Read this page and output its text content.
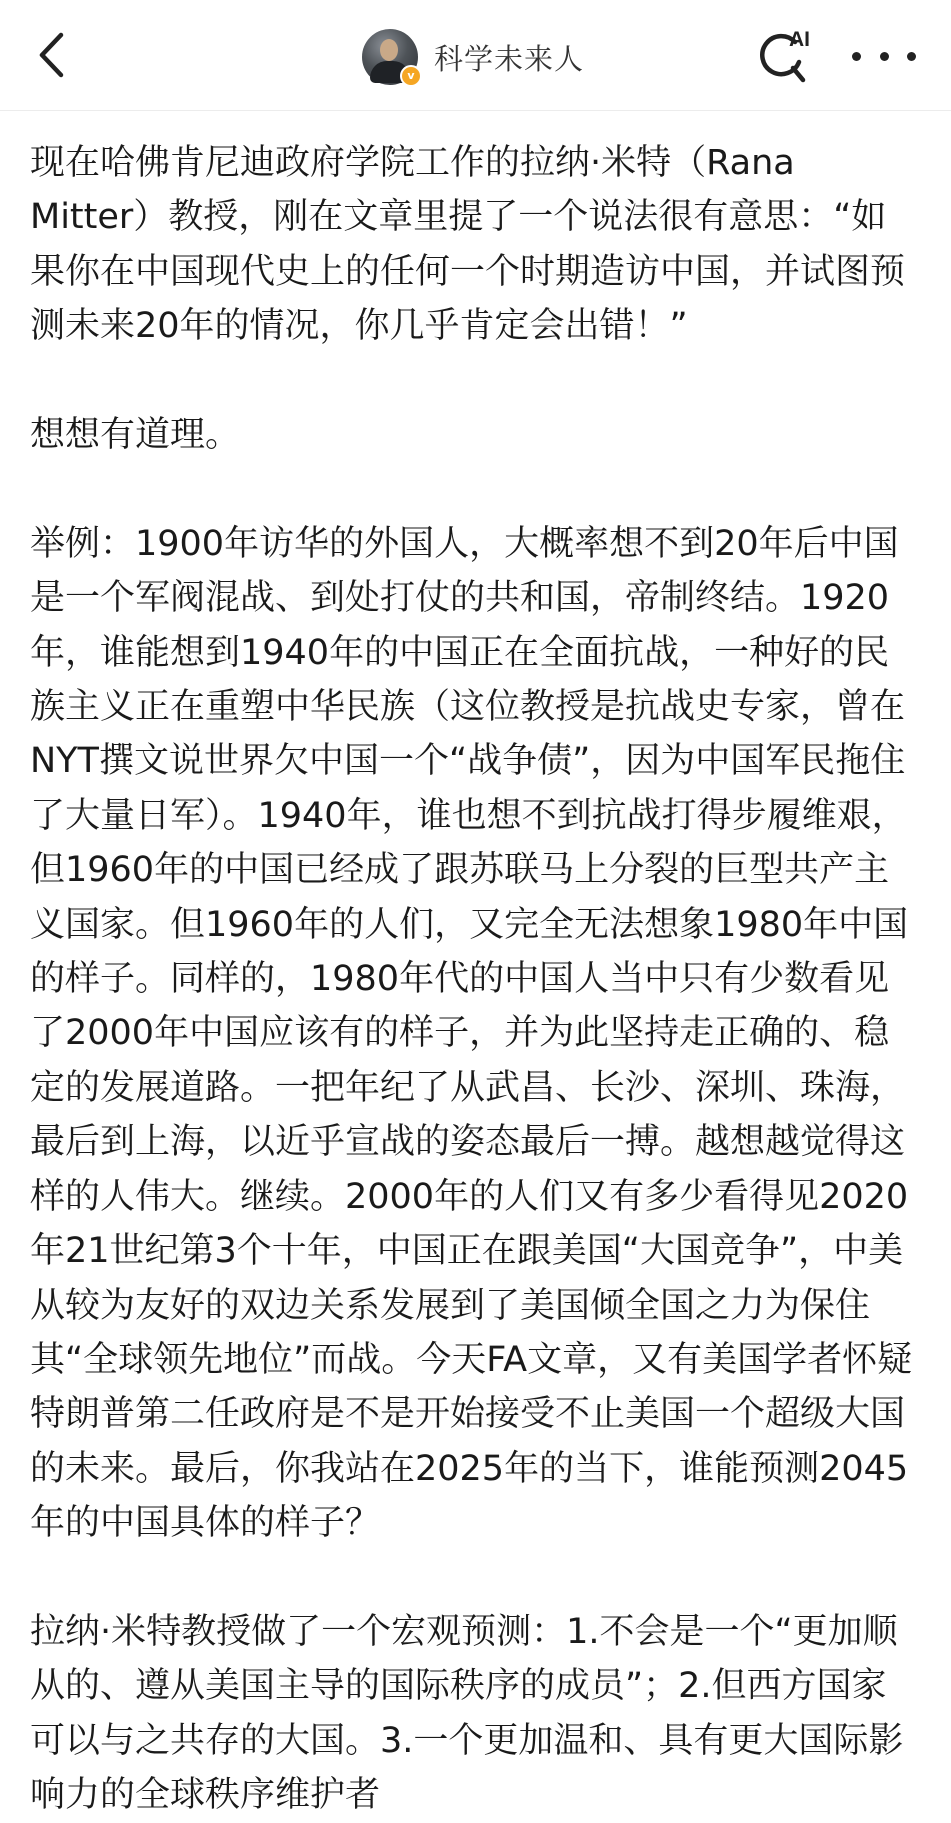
v 科学未来人
AI

现在哈佛肯尼迪政府学院工作的拉纳·米特（Rana Mitter）教授，刚在文章里提了一个说法很有意思：“如果你在中国现代史上的任何一个时期造访中国，并试图预测未来20年的情况，你几乎肯定会出错！”

想想有道理。

举例：1900年访华的外国人，大概率想不到20年后中国是一个军阀混战、到处打仗的共和国，帝制终结。1920年，谁能想到1940年的中国正在全面抗战，一种好的民族主义正在重塑中华民族（这位教授是抗战史专家，曾在NYT撰文说世界欠中国一个“战争债”，因为中国军民拖住了大量日军）。1940年，谁也想不到抗战打得步履维艰，但1960年的中国已经成了跟苏联马上分裂的巨型共产主义国家。但1960年的人们，又完全无法想象1980年中国的样子。同样的，1980年代的中国人当中只有少数看见了2000年中国应该有的样子，并为此坚持走正确的、稳定的发展道路。一把年纪了从武昌、长沙、深圳、珠海，最后到上海，以近乎宣战的姿态最后一搏。越想越觉得这样的人伟大。继续。2000年的人们又有多少看得见2020年21世纪第3个十年，中国正在跟美国“大国竞争”，中美从较为友好的双边关系发展到了美国倾全国之力为保住其“全球领先地位”而战。今天FA文章，又有美国学者怀疑特朗普第二任政府是不是开始接受不止美国一个超级大国的未来。最后，你我站在2025年的当下，谁能预测2045年的中国具体的样子？

拉纳·米特教授做了一个宏观预测：1.不会是一个“更加顺从的、遵从美国主导的国际秩序的成员”；2.但西方国家可以与之共存的大国。3.一个更加温和、具有更大国际影响力的全球秩序维护者
